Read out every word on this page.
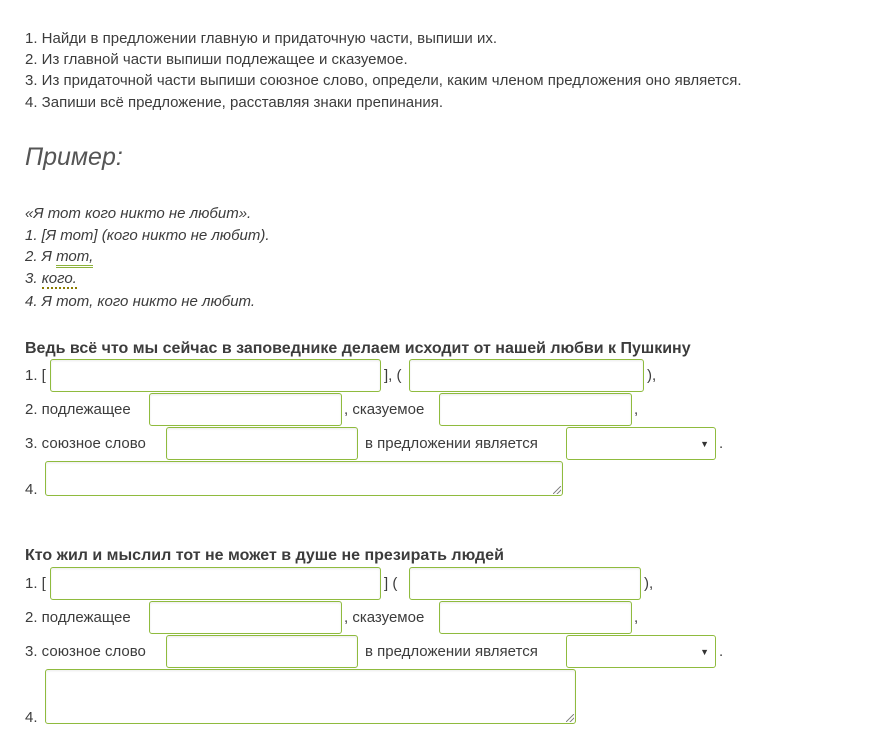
1. Найди в предложении главную и придаточную части, выпиши их.
2. Из главной части выпиши подлежащее и сказуемое.
3. Из придаточной части выпиши союзное слово, определи, каким членом предложения оно является.
4. Запиши всё предложение, расставляя знаки препинания.
Пример:
«Я тот кого никто не любит».
1. [Я тот] (кого никто не любит).
2. Я тот,
3. кого.
4. Я тот, кого никто не любит.
Ведь всё что мы сейчас в заповеднике делаем исходит от нашей любви к Пушкину
1. [	], (	),
2. подлежащее	, сказуемое	,
3. союзное слово	в предложении является	▼ .
4.
Кто жил и мыслил тот не может в душе не презирать людей
1. [	] (	),
2. подлежащее	, сказуемое	,
3. союзное слово	в предложении является	▼ .
4.
